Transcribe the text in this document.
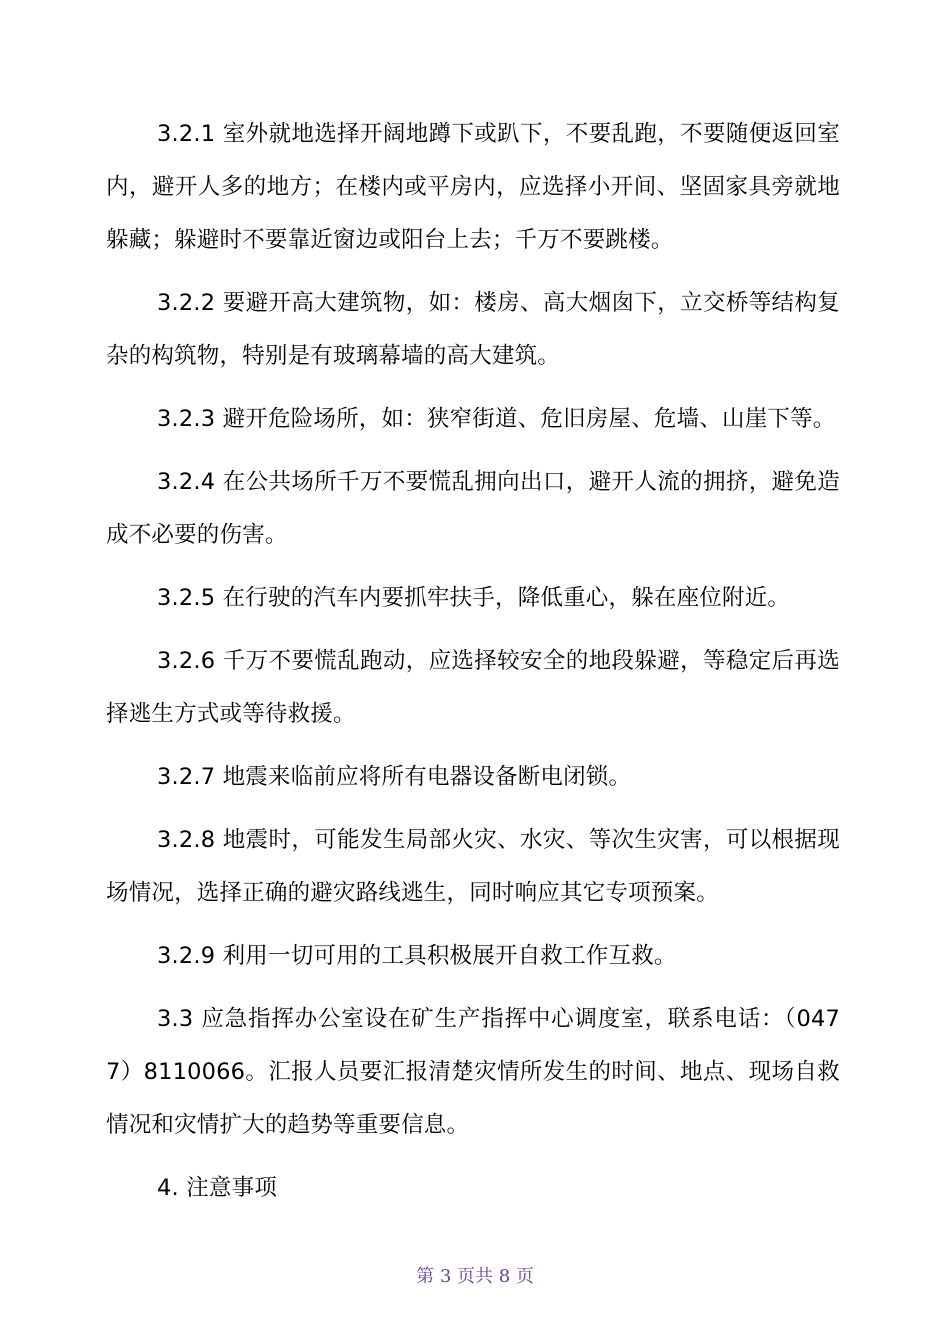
3.2.1 室外就地选择开阔地蹲下或趴下，不要乱跑，不要随便返回室内，避开人多的地方；在楼内或平房内，应选择小开间、坚固家具旁就地躲藏；躲避时不要靠近窗边或阳台上去；千万不要跳楼。

3.2.2 要避开高大建筑物，如：楼房、高大烟囱下，立交桥等结构复杂的构筑物，特别是有玻璃幕墙的高大建筑。

3.2.3 避开危险场所，如：狭窄街道、危旧房屋、危墙、山崖下等。

3.2.4 在公共场所千万不要慌乱拥向出口，避开人流的拥挤，避免造成不必要的伤害。

3.2.5 在行驶的汽车内要抓牢扶手，降低重心，躲在座位附近。

3.2.6 千万不要慌乱跑动，应选择较安全的地段躲避，等稳定后再选择逃生方式或等待救援。

3.2.7 地震来临前应将所有电器设备断电闭锁。

3.2.8 地震时，可能发生局部火灾、水灾、等次生灾害，可以根据现场情况，选择正确的避灾路线逃生，同时响应其它专项预案。

3.2.9 利用一切可用的工具积极展开自救工作互救。

3.3 应急指挥办公室设在矿生产指挥中心调度室，联系电话：（0477）8110066。汇报人员要汇报清楚灾情所发生的时间、地点、现场自救情况和灾情扩大的趋势等重要信息。

4. 注意事项

第 3 页共 8 页
